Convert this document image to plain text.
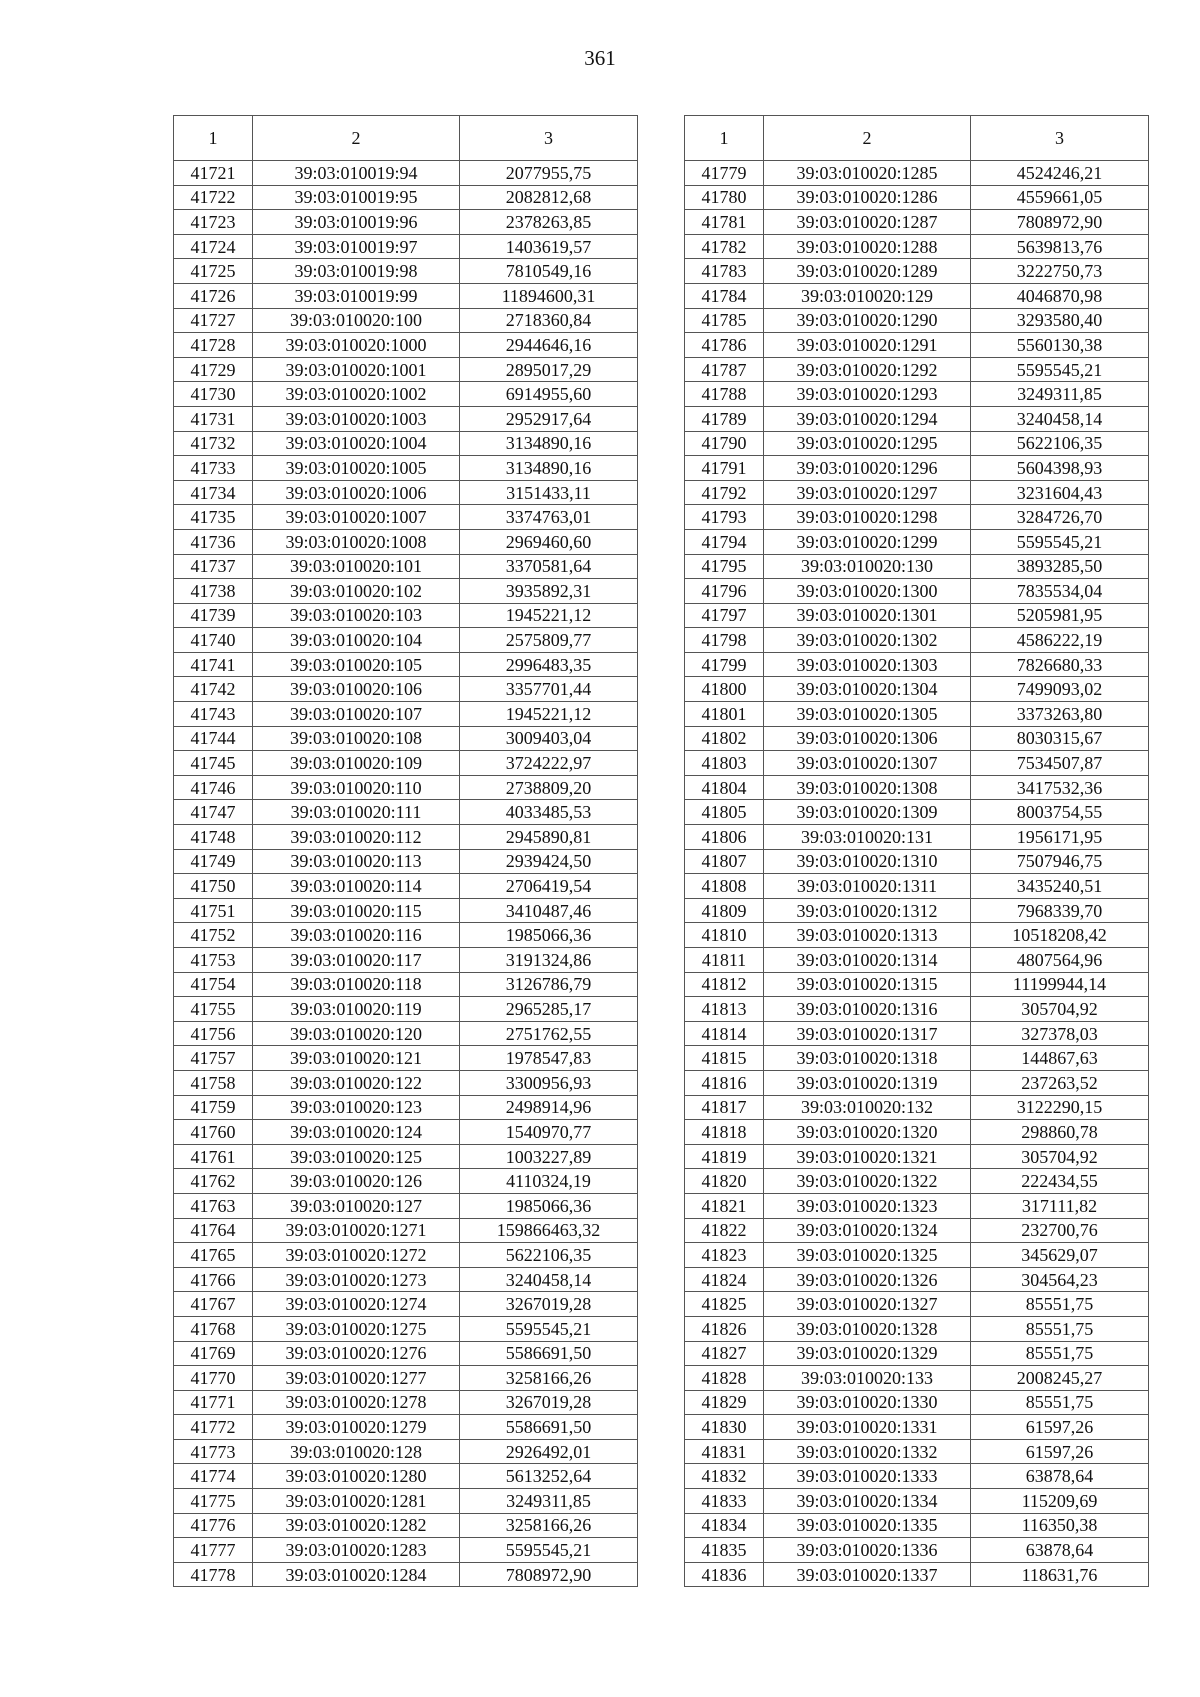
361
1	2	3
41721	39:03:010019:94	2077955,75
41722	39:03:010019:95	2082812,68
41723	39:03:010019:96	2378263,85
41724	39:03:010019:97	1403619,57
41725	39:03:010019:98	7810549,16
41726	39:03:010019:99	11894600,31
41727	39:03:010020:100	2718360,84
41728	39:03:010020:1000	2944646,16
41729	39:03:010020:1001	2895017,29
41730	39:03:010020:1002	6914955,60
41731	39:03:010020:1003	2952917,64
41732	39:03:010020:1004	3134890,16
41733	39:03:010020:1005	3134890,16
41734	39:03:010020:1006	3151433,11
41735	39:03:010020:1007	3374763,01
41736	39:03:010020:1008	2969460,60
41737	39:03:010020:101	3370581,64
41738	39:03:010020:102	3935892,31
41739	39:03:010020:103	1945221,12
41740	39:03:010020:104	2575809,77
41741	39:03:010020:105	2996483,35
41742	39:03:010020:106	3357701,44
41743	39:03:010020:107	1945221,12
41744	39:03:010020:108	3009403,04
41745	39:03:010020:109	3724222,97
41746	39:03:010020:110	2738809,20
41747	39:03:010020:111	4033485,53
41748	39:03:010020:112	2945890,81
41749	39:03:010020:113	2939424,50
41750	39:03:010020:114	2706419,54
41751	39:03:010020:115	3410487,46
41752	39:03:010020:116	1985066,36
41753	39:03:010020:117	3191324,86
41754	39:03:010020:118	3126786,79
41755	39:03:010020:119	2965285,17
41756	39:03:010020:120	2751762,55
41757	39:03:010020:121	1978547,83
41758	39:03:010020:122	3300956,93
41759	39:03:010020:123	2498914,96
41760	39:03:010020:124	1540970,77
41761	39:03:010020:125	1003227,89
41762	39:03:010020:126	4110324,19
41763	39:03:010020:127	1985066,36
41764	39:03:010020:1271	159866463,32
41765	39:03:010020:1272	5622106,35
41766	39:03:010020:1273	3240458,14
41767	39:03:010020:1274	3267019,28
41768	39:03:010020:1275	5595545,21
41769	39:03:010020:1276	5586691,50
41770	39:03:010020:1277	3258166,26
41771	39:03:010020:1278	3267019,28
41772	39:03:010020:1279	5586691,50
41773	39:03:010020:128	2926492,01
41774	39:03:010020:1280	5613252,64
41775	39:03:010020:1281	3249311,85
41776	39:03:010020:1282	3258166,26
41777	39:03:010020:1283	5595545,21
41778	39:03:010020:1284	7808972,90
1	2	3
41779	39:03:010020:1285	4524246,21
41780	39:03:010020:1286	4559661,05
41781	39:03:010020:1287	7808972,90
41782	39:03:010020:1288	5639813,76
41783	39:03:010020:1289	3222750,73
41784	39:03:010020:129	4046870,98
41785	39:03:010020:1290	3293580,40
41786	39:03:010020:1291	5560130,38
41787	39:03:010020:1292	5595545,21
41788	39:03:010020:1293	3249311,85
41789	39:03:010020:1294	3240458,14
41790	39:03:010020:1295	5622106,35
41791	39:03:010020:1296	5604398,93
41792	39:03:010020:1297	3231604,43
41793	39:03:010020:1298	3284726,70
41794	39:03:010020:1299	5595545,21
41795	39:03:010020:130	3893285,50
41796	39:03:010020:1300	7835534,04
41797	39:03:010020:1301	5205981,95
41798	39:03:010020:1302	4586222,19
41799	39:03:010020:1303	7826680,33
41800	39:03:010020:1304	7499093,02
41801	39:03:010020:1305	3373263,80
41802	39:03:010020:1306	8030315,67
41803	39:03:010020:1307	7534507,87
41804	39:03:010020:1308	3417532,36
41805	39:03:010020:1309	8003754,55
41806	39:03:010020:131	1956171,95
41807	39:03:010020:1310	7507946,75
41808	39:03:010020:1311	3435240,51
41809	39:03:010020:1312	7968339,70
41810	39:03:010020:1313	10518208,42
41811	39:03:010020:1314	4807564,96
41812	39:03:010020:1315	11199944,14
41813	39:03:010020:1316	305704,92
41814	39:03:010020:1317	327378,03
41815	39:03:010020:1318	144867,63
41816	39:03:010020:1319	237263,52
41817	39:03:010020:132	3122290,15
41818	39:03:010020:1320	298860,78
41819	39:03:010020:1321	305704,92
41820	39:03:010020:1322	222434,55
41821	39:03:010020:1323	317111,82
41822	39:03:010020:1324	232700,76
41823	39:03:010020:1325	345629,07
41824	39:03:010020:1326	304564,23
41825	39:03:010020:1327	85551,75
41826	39:03:010020:1328	85551,75
41827	39:03:010020:1329	85551,75
41828	39:03:010020:133	2008245,27
41829	39:03:010020:1330	85551,75
41830	39:03:010020:1331	61597,26
41831	39:03:010020:1332	61597,26
41832	39:03:010020:1333	63878,64
41833	39:03:010020:1334	115209,69
41834	39:03:010020:1335	116350,38
41835	39:03:010020:1336	63878,64
41836	39:03:010020:1337	118631,76
